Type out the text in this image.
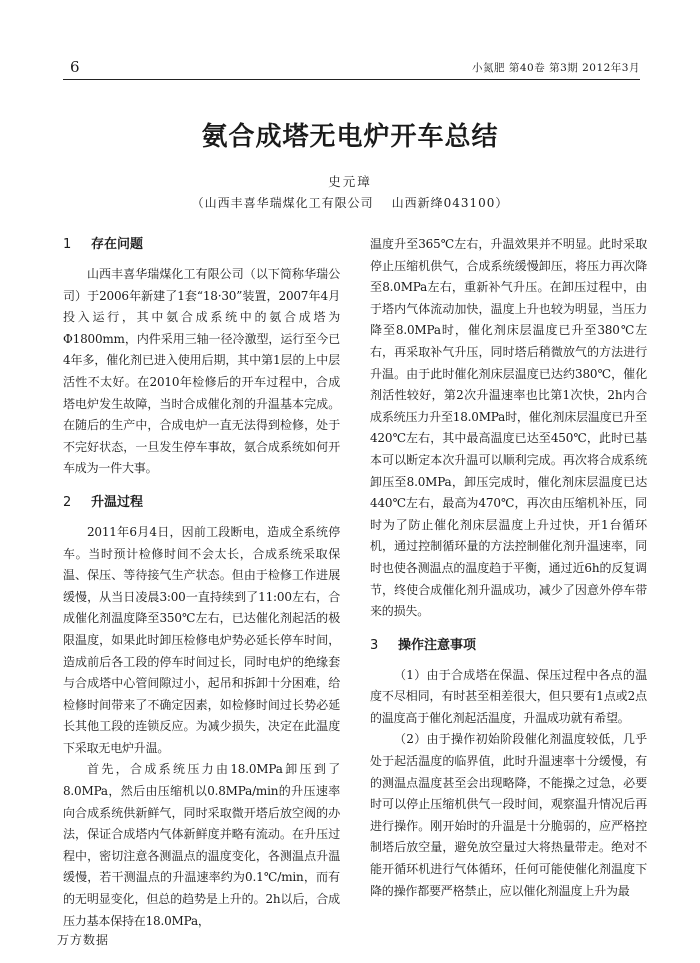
6	小氮肥 第40卷 第3期 2012年3月
氨合成塔无电炉开车总结
史元璋
（山西丰喜华瑞煤化工有限公司 山西新绛043100）
1 存在问题

山西丰喜华瑞煤化工有限公司（以下简称华瑞公司）于2006年新建了1套“18·30”装置，2007年4月投入运行，其中氨合成系统中的氨合成塔为Φ1800mm，内件采用三轴一径冷激型，运行至今已4年多，催化剂已进入使用后期，其中第1层的上中层活性不太好。在2010年检修后的开车过程中，合成塔电炉发生故障，当时合成催化剂的升温基本完成。在随后的生产中，合成电炉一直无法得到检修，处于不完好状态，一旦发生停车事故，氨合成系统如何开车成为一件大事。

2 升温过程

2011年6月4日，因前工段断电，造成全系统停车。当时预计检修时间不会太长，合成系统采取保温、保压、等待接气生产状态。但由于检修工作进展缓慢，从当日凌晨3:00一直持续到了11:00左右，合成催化剂温度降至350℃左右，已达催化剂起活的极限温度，如果此时卸压检修电炉势必延长停车时间，造成前后各工段的停车时间过长，同时电炉的绝缘套与合成塔中心管间隙过小，起吊和拆卸十分困难，给检修时间带来了不确定因素，如检修时间过长势必延长其他工段的连锁反应。为减少损失，决定在此温度下采取无电炉升温。

首先，合成系统压力由18.0MPa卸压到了8.0MPa，然后由压缩机以0.8MPa/min的升压速率向合成系统供新鲜气，同时采取微开塔后放空阀的办法，保证合成塔内气体新鲜度并略有流动。在升压过程中，密切注意各测温点的温度变化，各测温点升温缓慢，若干测温点的升温速率约为0.1℃/min，而有的无明显变化，但总的趋势是上升的。2h以后，合成压力基本保持在18.0MPa，

温度升至365℃左右，升温效果并不明显。此时采取停止压缩机供气，合成系统缓慢卸压，将压力再次降至8.0MPa左右，重新补气升压。在卸压过程中，由于塔内气体流动加快，温度上升也较为明显，当压力降至8.0MPa时，催化剂床层温度已升至380℃左右，再采取补气升压，同时塔后稍微放气的方法进行升温。由于此时催化剂床层温度已达约380℃，催化剂活性较好，第2次升温速率也比第1次快，2h内合成系统压力升至18.0MPa时，催化剂床层温度已升至420℃左右，其中最高温度已达至450℃，此时已基本可以断定本次升温可以顺利完成。再次将合成系统卸压至8.0MPa，卸压完成时，催化剂床层温度已达440℃左右，最高为470℃，再次由压缩机补压，同时为了防止催化剂床层温度上升过快，开1台循环机，通过控制循环量的方法控制催化剂升温速率，同时也使各测温点的温度趋于平衡，通过近6h的反复调节，终使合成催化剂升温成功，减少了因意外停车带来的损失。

3 操作注意事项

（1）由于合成塔在保温、保压过程中各点的温度不尽相同，有时甚至相差很大，但只要有1点或2点的温度高于催化剂起活温度，升温成功就有希望。

（2）由于操作初始阶段催化剂温度较低，几乎处于起活温度的临界值，此时升温速率十分缓慢，有的测温点温度甚至会出现略降，不能操之过急，必要时可以停止压缩机供气一段时间，观察温升情况后再进行操作。刚开始时的升温是十分脆弱的，应严格控制塔后放空量，避免放空量过大将热量带走。绝对不能开循环机进行气体循环，任何可能使催化剂温度下降的操作都要严格禁止，应以催化剂温度上升为最

万方数据
